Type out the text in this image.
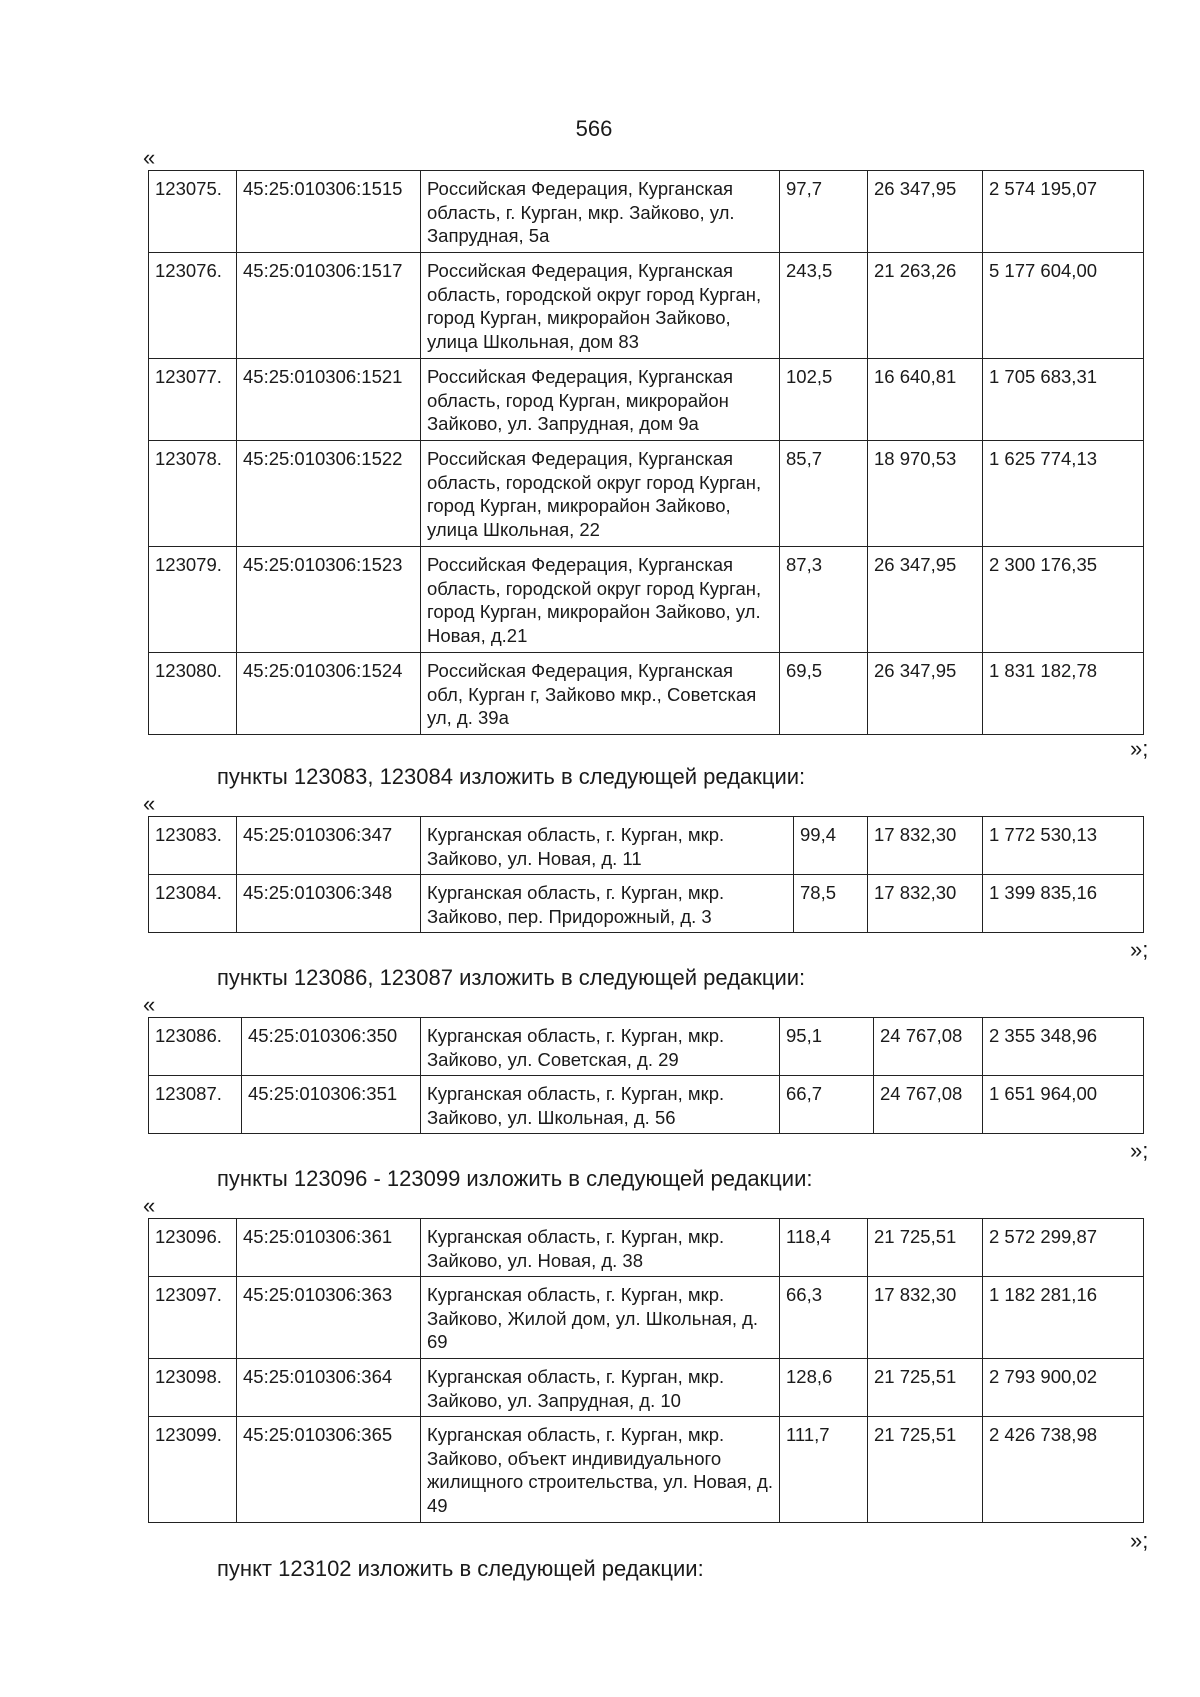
566
«
123075.	45:25:010306:1515	Российская Федерация, Курганская область, г. Курган, мкр. Зайково, ул. Запрудная, 5а	97,7	26 347,95	2 574 195,07
123076.	45:25:010306:1517	Российская Федерация, Курганская область, городской округ город Курган, город Курган, микрорайон Зайково, улица Школьная, дом 83	243,5	21 263,26	5 177 604,00
123077.	45:25:010306:1521	Российская Федерация, Курганская область, город Курган, микрорайон Зайково, ул. Запрудная, дом 9а	102,5	16 640,81	1 705 683,31
123078.	45:25:010306:1522	Российская Федерация, Курганская область, городской округ город Курган, город Курган, микрорайон Зайково, улица Школьная, 22	85,7	18 970,53	1 625 774,13
123079.	45:25:010306:1523	Российская Федерация, Курганская область, городской округ город Курган, город Курган, микрорайон Зайково, ул. Новая, д.21	87,3	26 347,95	2 300 176,35
123080.	45:25:010306:1524	Российская Федерация, Курганская обл, Курган г, Зайково мкр., Советская ул, д. 39а	69,5	26 347,95	1 831 182,78
»;
пункты 123083, 123084 изложить в следующей редакции:
«
123083.	45:25:010306:347	Курганская область, г. Курган, мкр. Зайково, ул. Новая, д. 11	99,4	17 832,30	1 772 530,13
123084.	45:25:010306:348	Курганская область, г. Курган, мкр. Зайково, пер. Придорожный, д. 3	78,5	17 832,30	1 399 835,16
»;
пункты 123086, 123087 изложить в следующей редакции:
«
123086.	45:25:010306:350	Курганская область, г. Курган, мкр. Зайково, ул. Советская, д. 29	95,1	24 767,08	2 355 348,96
123087.	45:25:010306:351	Курганская область, г. Курган, мкр. Зайково, ул. Школьная, д. 56	66,7	24 767,08	1 651 964,00
»;
пункты 123096 - 123099 изложить в следующей редакции:
«
123096.	45:25:010306:361	Курганская область, г. Курган, мкр. Зайково, ул. Новая, д. 38	118,4	21 725,51	2 572 299,87
123097.	45:25:010306:363	Курганская область, г. Курган, мкр. Зайково, Жилой дом, ул. Школьная, д. 69	66,3	17 832,30	1 182 281,16
123098.	45:25:010306:364	Курганская область, г. Курган, мкр. Зайково, ул. Запрудная, д. 10	128,6	21 725,51	2 793 900,02
123099.	45:25:010306:365	Курганская область, г. Курган, мкр. Зайково, объект индивидуального жилищного строительства, ул. Новая, д. 49	111,7	21 725,51	2 426 738,98
»;
пункт 123102 изложить в следующей редакции:
